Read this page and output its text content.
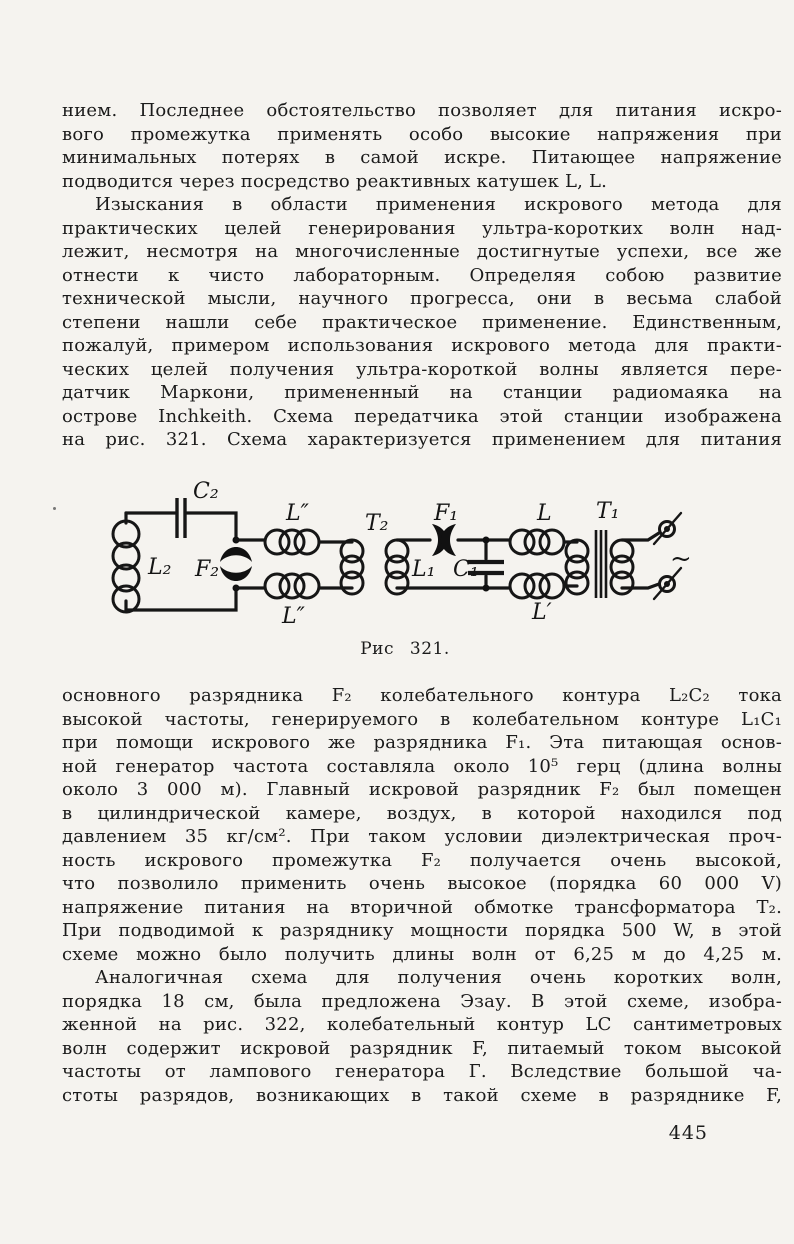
нием. Последнее обстоятельство позволяет для питания искро-
вого промежутка применять особо высокие напряжения при
минимальных потерях в самой искре. Питающее напряжение
подводится через посредство реактивных катушек L, L.
Изыскания в области применения искрового метода для
практических целей генерирования ультра-коротких волн над-
лежит, несмотря на многочисленные достигнутые успехи, все же
отнести к чисто лабораторным. Определяя собою развитие
технической мысли, научного прогресса, они в весьма слабой
степени нашли себе практическое применение. Единственным,
пожалуй, примером использования искрового метода для практи-
ческих целей получения ультра-короткой волны является пере-
датчик Маркони, примененный на станции радиомаяка на
острове Inchkeith. Схема передатчика этой станции изображена
на рис. 321. Схема характеризуется применением для питания
C₂
L₂ F₂
L″
L″
T₂
L₁
F₁
C₁
L
L′
T₁
~
Рис 321.
основного разрядника F₂ колебательного контура L₂C₂ тока
высокой частоты, генерируемого в колебательном контуре L₁C₁
при помощи искрового же разрядника F₁. Эта питающая основ-
ной генератор частота составляла около 10⁵ герц (длина волны
около 3 000 м). Главный искровой разрядник F₂ был помещен
в цилиндрической камере, воздух, в которой находился под
давлением 35 кг/см². При таком условии диэлектрическая проч-
ность искрового промежутка F₂ получается очень высокой,
что позволило применить очень высокое (порядка 60 000 V)
напряжение питания на вторичной обмотке трансформатора T₂.
При подводимой к разряднику мощности порядка 500 W, в этой
схеме можно было получить длины волн от 6,25 м до 4,25 м.
Аналогичная схема для получения очень коротких волн,
порядка 18 см, была предложена Эзау. В этой схеме, изобра-
женной на рис. 322, колебательный контур LC сантиметровых
волн содержит искровой разрядник F, питаемый током высокой
частоты от лампового генератора Г. Вследствие большой ча-
стоты разрядов, возникающих в такой схеме в разряднике F,
445
